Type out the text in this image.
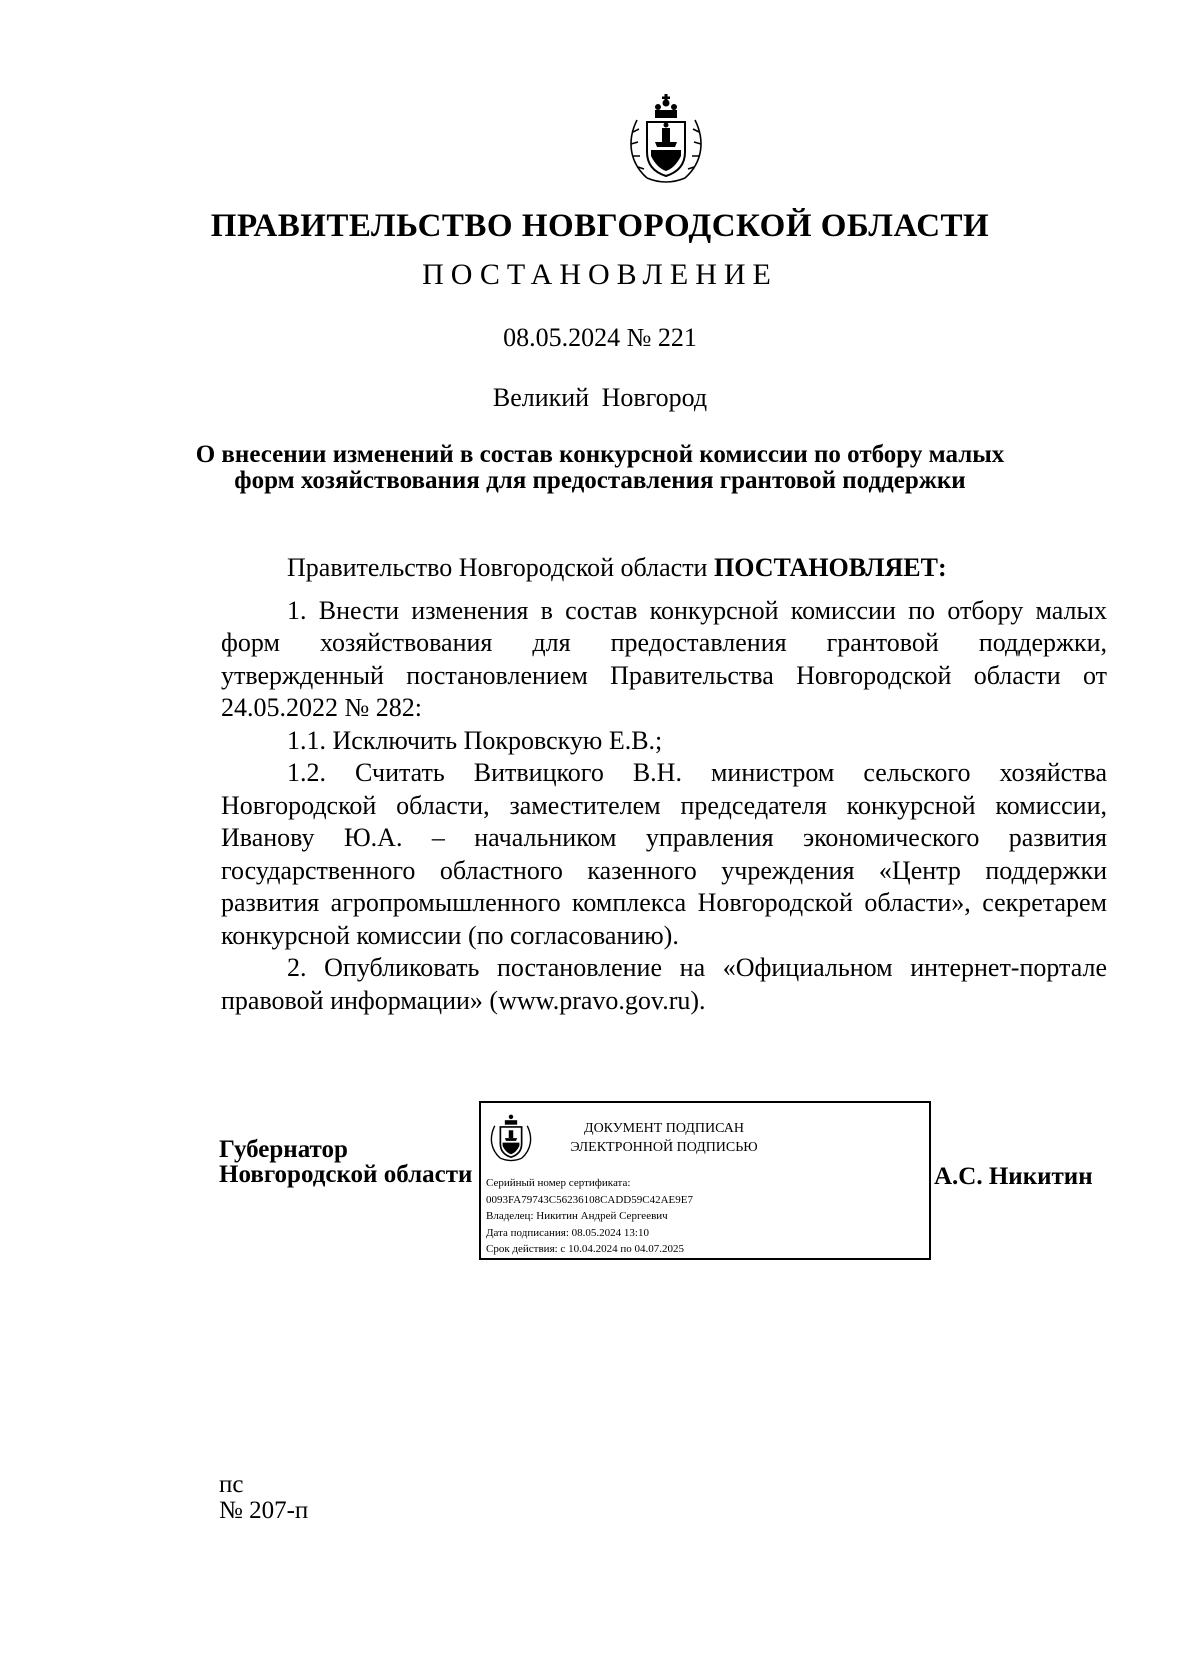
ПРАВИТЕЛЬСТВО НОВГОРОДСКОЙ ОБЛАСТИ
ПОСТАНОВЛЕНИЕ
08.05.2024 № 221
Великий Новгород
О внесении изменений в состав конкурсной комиссии по отбору малых
форм хозяйствования для предоставления грантовой поддержки

Правительство Новгородской области ПОСТАНОВЛЯЕТ:

1. Внести изменения в состав конкурсной комиссии по отбору малых форм хозяйствования для предоставления грантовой поддержки, утвержденный постановлением Правительства Новгородской области от 24.05.2022 № 282:

1.1. Исключить Покровскую Е.В.;

1.2. Считать Витвицкого В.Н. министром сельского хозяйства Новгородской области, заместителем председателя конкурсной комиссии, Иванову Ю.А. – начальником управления экономического развития государственного областного казенного учреждения «Центр поддержки развития агропромышленного комплекса Новгородской области», секретарем конкурсной комиссии (по согласованию).

2. Опубликовать постановление на «Официальном интернет-портале правовой информации» (www.pravo.gov.ru).

Губернатор
Новгородской области
ДОКУМЕНТ ПОДПИСАН
ЭЛЕКТРОННОЙ ПОДПИСЬЮ
Серийный номер сертификата:
0093FA79743C56236108CADD59C42AE9E7
Владелец: Никитин Андрей Сергеевич
Дата подписания: 08.05.2024 13:10
Срок действия: с 10.04.2024 по 04.07.2025
А.С. Никитин
пс
№ 207-п
